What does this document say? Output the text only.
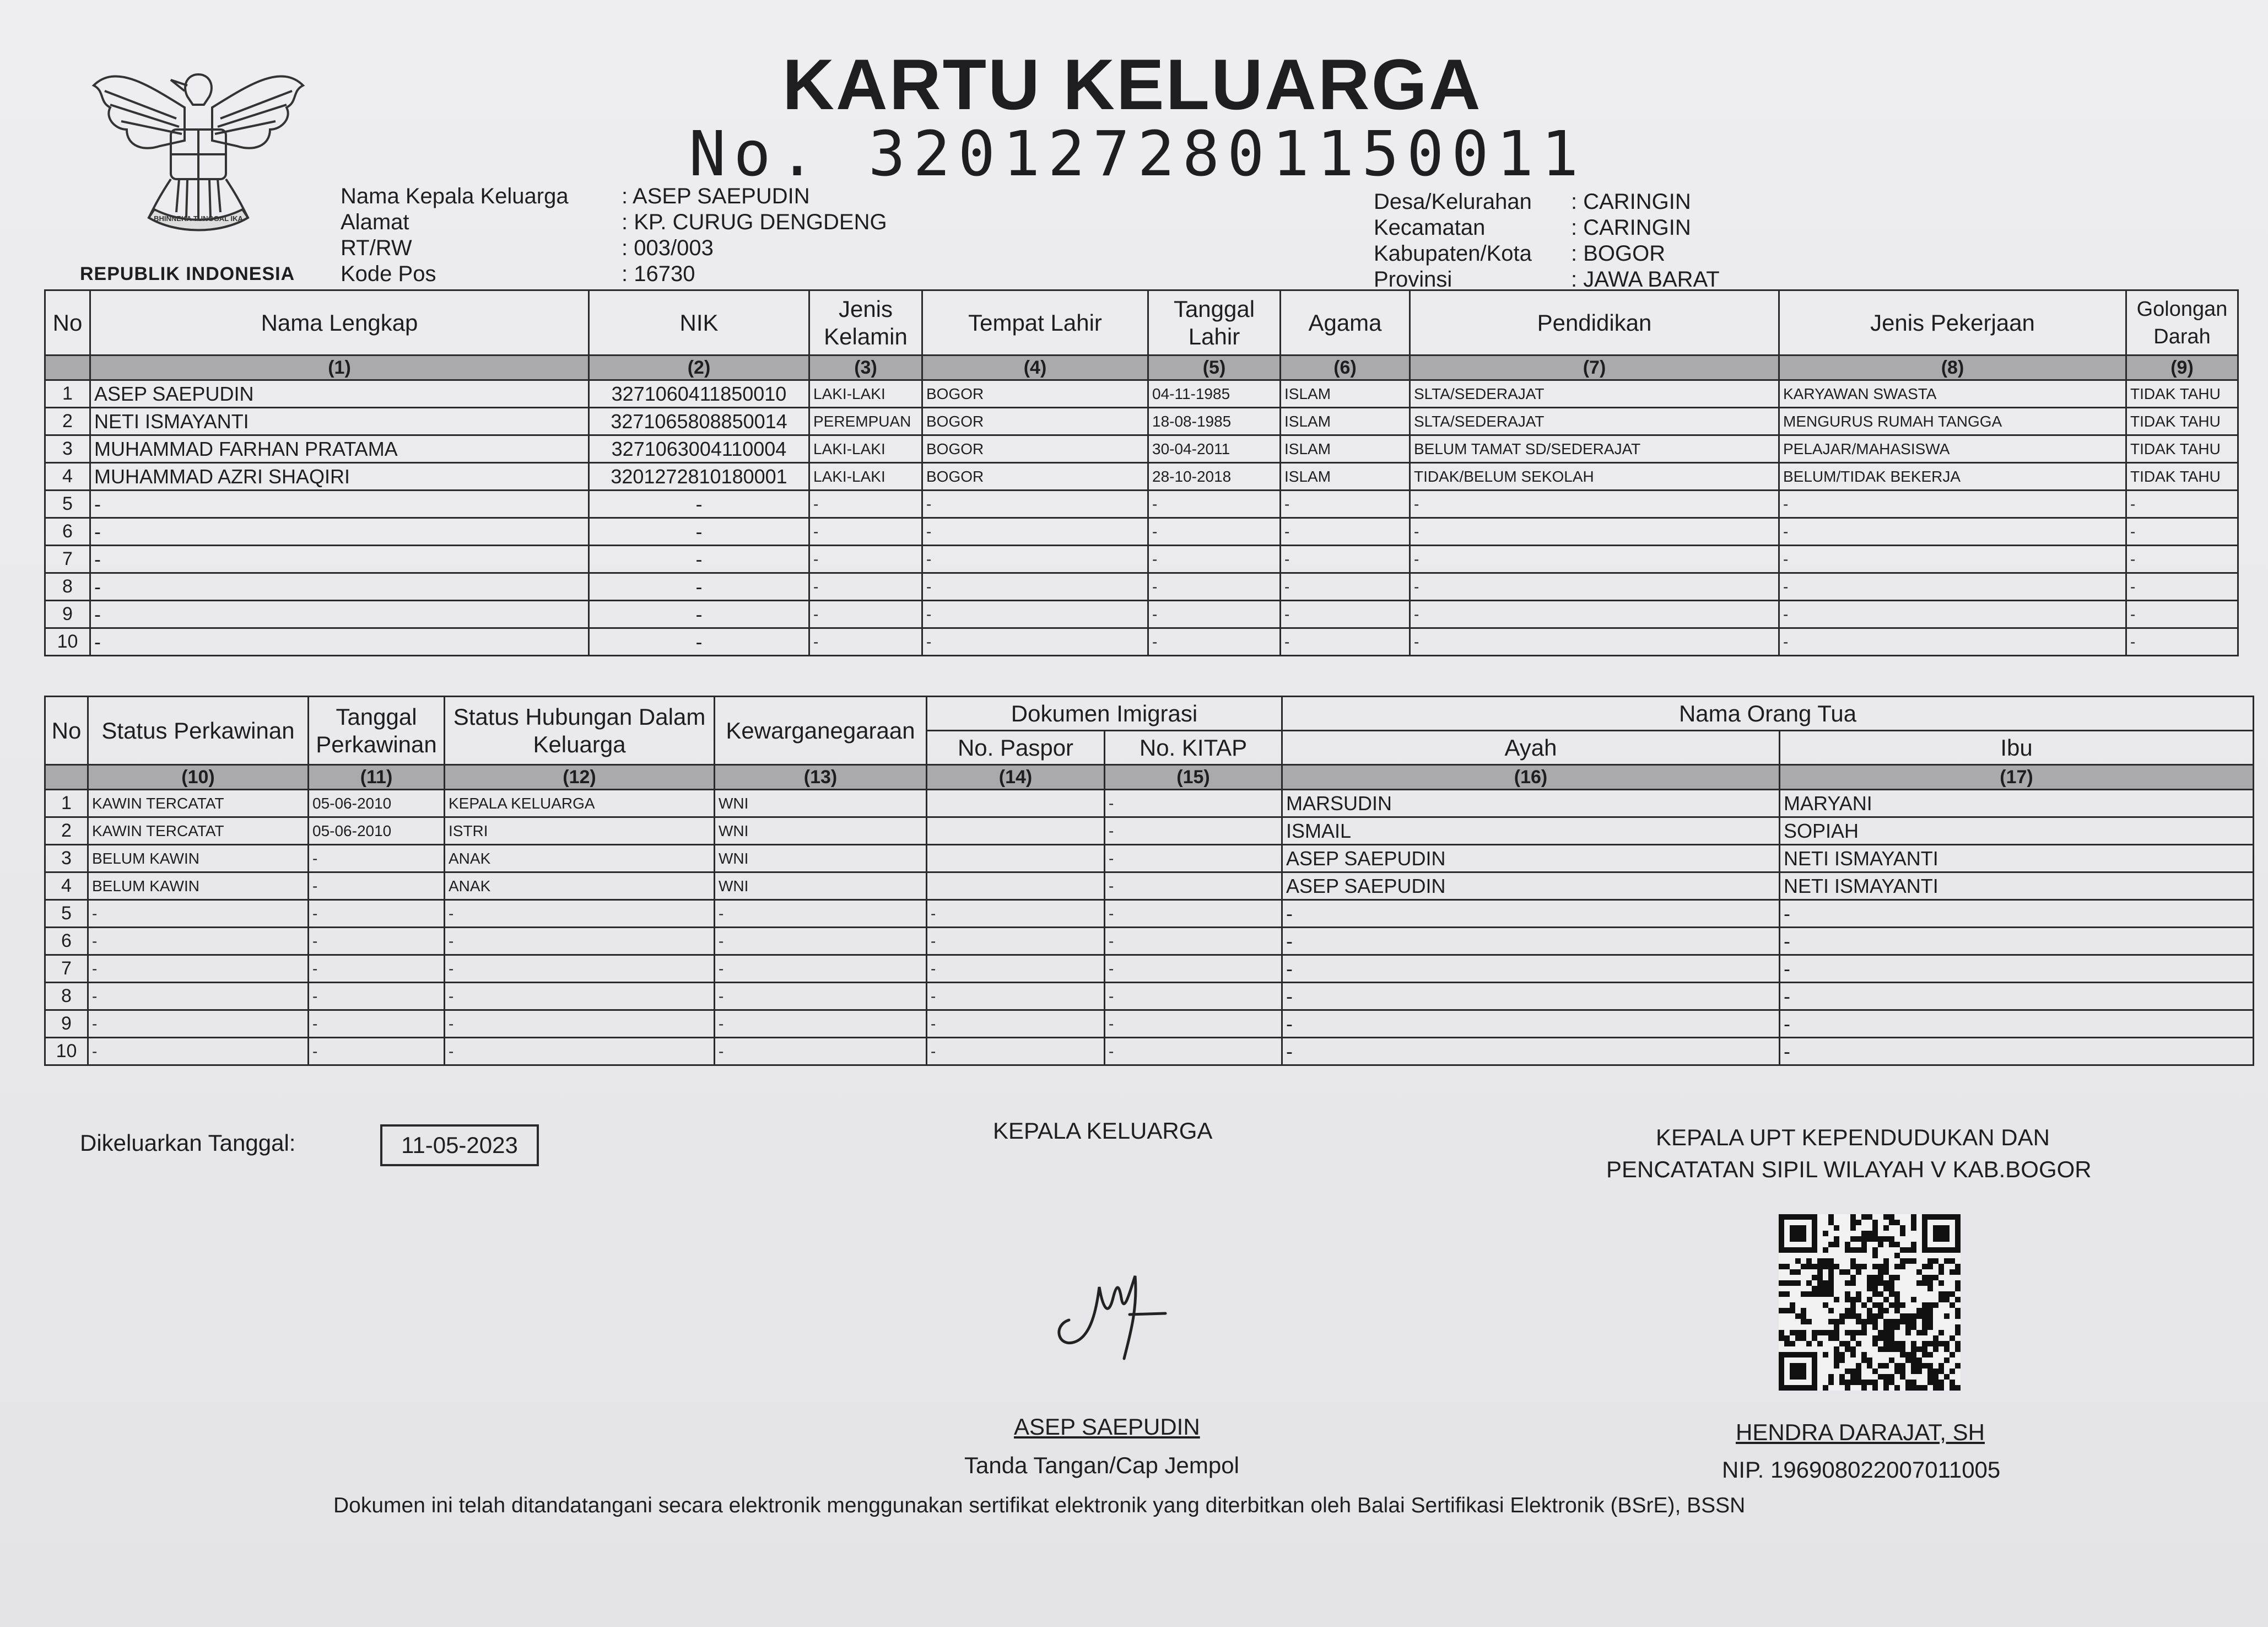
BHINNEKA TUNGGAL IKA
REPUBLIK INDONESIA
KARTU KELUARGA
No. 3201272801150011
Nama Kepala Keluarga : ASEP SAEPUDIN
Alamat	: KP. CURUG DENGDENG
RT/RW	: 003/003
Kode Pos	: 16730
Desa/Kelurahan : CARINGIN
Kecamatan	: CARINGIN
Kabupaten/Kota : BOGOR
Provinsi	: JAWA BARAT
No	Nama Lengkap	NIK	Jenis Kelamin	Tempat Lahir	Tanggal Lahir	Agama	Pendidikan	Jenis Pekerjaan	Golongan Darah
	(1)	(2)	(3)	(4)	(5)	(6)	(7)	(8)	(9)
1	ASEP SAEPUDIN	3271060411850010	LAKI-LAKI	BOGOR	04-11-1985	ISLAM	SLTA/SEDERAJAT	KARYAWAN SWASTA	TIDAK TAHU
2	NETI ISMAYANTI	3271065808850014	PEREMPUAN	BOGOR	18-08-1985	ISLAM	SLTA/SEDERAJAT	MENGURUS RUMAH TANGGA	TIDAK TAHU
3	MUHAMMAD FARHAN PRATAMA	3271063004110004	LAKI-LAKI	BOGOR	30-04-2011	ISLAM	BELUM TAMAT SD/SEDERAJAT	PELAJAR/MAHASISWA	TIDAK TAHU
4	MUHAMMAD AZRI SHAQIRI	3201272810180001	LAKI-LAKI	BOGOR	28-10-2018	ISLAM	TIDAK/BELUM SEKOLAH	BELUM/TIDAK BEKERJA	TIDAK TAHU
5	-	-	-	-	-	-	-	-	-
6	-	-	-	-	-	-	-	-	-
7	-	-	-	-	-	-	-	-	-
8	-	-	-	-	-	-	-	-	-
9	-	-	-	-	-	-	-	-	-
10	-	-	-	-	-	-	-	-	-
No	Status Perkawinan	Tanggal Perkawinan	Status Hubungan Dalam Keluarga	Kewarganegaraan	Dokumen Imigrasi		Nama Orang Tua	
					No. Paspor	No. KITAP	Ayah	Ibu
	(10)	(11)	(12)	(13)	(14)	(15)	(16)	(17)
1	KAWIN TERCATAT	05-06-2010	KEPALA KELUARGA	WNI		-	MARSUDIN	MARYANI
2	KAWIN TERCATAT	05-06-2010	ISTRI	WNI		-	ISMAIL	SOPIAH
3	BELUM KAWIN	-	ANAK	WNI		-	ASEP SAEPUDIN	NETI ISMAYANTI
4	BELUM KAWIN	-	ANAK	WNI		-	ASEP SAEPUDIN	NETI ISMAYANTI
5	-	-	-	-	-	-	-	-
6	-	-	-	-	-	-	-	-
7	-	-	-	-	-	-	-	-
8	-	-	-	-	-	-	-	-
9	-	-	-	-	-	-	-	-
10	-	-	-	-	-	-	-	-
Dikeluarkan Tanggal:	11-05-2023
KEPALA KELUARGA
ASEP SAEPUDIN
Tanda Tangan/Cap Jempol
KEPALA UPT KEPENDUDUKAN DAN
PENCATATAN SIPIL WILAYAH V KAB.BOGOR
HENDRA DARAJAT, SH
NIP. 196908022007011005
Dokumen ini telah ditandatangani secara elektronik menggunakan sertifikat elektronik yang diterbitkan oleh Balai Sertifikasi Elektronik (BSrE), BSSN
